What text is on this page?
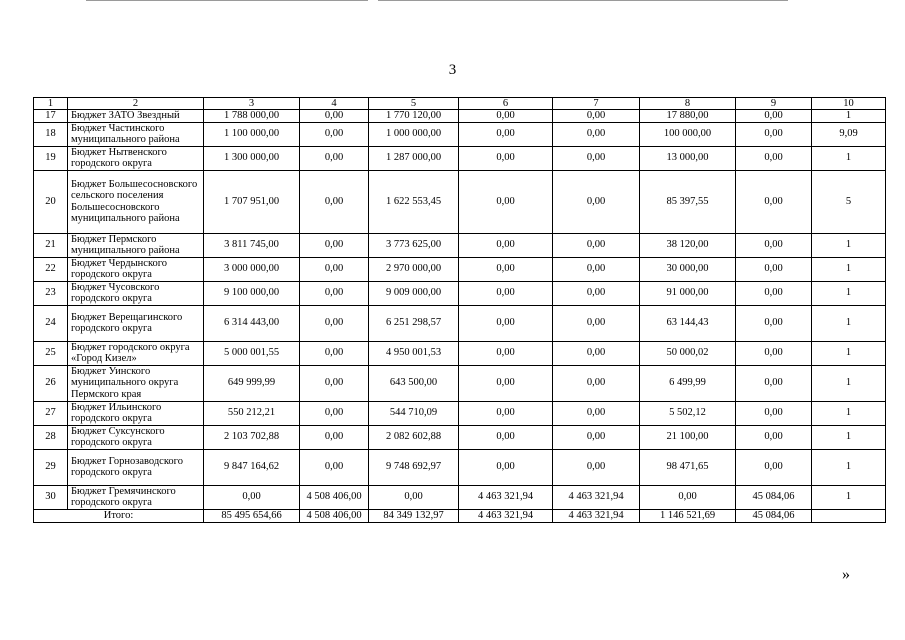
3
1	2	3	4	5	6	7	8	9	10
17	Бюджет ЗАТО Звездный	1 788 000,00	0,00	1 770 120,00	0,00	0,00	17 880,00	0,00	1
18	Бюджет Частинского муниципального района	1 100 000,00	0,00	1 000 000,00	0,00	0,00	100 000,00	0,00	9,09
19	Бюджет Нытвенского городского округа	1 300 000,00	0,00	1 287 000,00	0,00	0,00	13 000,00	0,00	1
20	Бюджет Большесосновского сельского поселения Большесосновского муниципального района	1 707 951,00	0,00	1 622 553,45	0,00	0,00	85 397,55	0,00	5
21	Бюджет Пермского муниципального района	3 811 745,00	0,00	3 773 625,00	0,00	0,00	38 120,00	0,00	1
22	Бюджет Чердынского городского округа	3 000 000,00	0,00	2 970 000,00	0,00	0,00	30 000,00	0,00	1
23	Бюджет Чусовского городского округа	9 100 000,00	0,00	9 009 000,00	0,00	0,00	91 000,00	0,00	1
24	Бюджет Верещагинского городского округа	6 314 443,00	0,00	6 251 298,57	0,00	0,00	63 144,43	0,00	1
25	Бюджет городского округа «Город Кизел»	5 000 001,55	0,00	4 950 001,53	0,00	0,00	50 000,02	0,00	1
26	Бюджет Уинского муниципального округа Пермского края	649 999,99	0,00	643 500,00	0,00	0,00	6 499,99	0,00	1
27	Бюджет Ильинского городского округа	550 212,21	0,00	544 710,09	0,00	0,00	5 502,12	0,00	1
28	Бюджет Суксунского городского округа	2 103 702,88	0,00	2 082 602,88	0,00	0,00	21 100,00	0,00	1
29	Бюджет Горнозаводского городского округа	9 847 164,62	0,00	9 748 692,97	0,00	0,00	98 471,65	0,00	1
30	Бюджет Гремячинского городского округа	0,00	4 508 406,00	0,00	4 463 321,94	4 463 321,94	0,00	45 084,06	1
Итого:		85 495 654,66	4 508 406,00	84 349 132,97	4 463 321,94	4 463 321,94	1 146 521,69	45 084,06	
»
